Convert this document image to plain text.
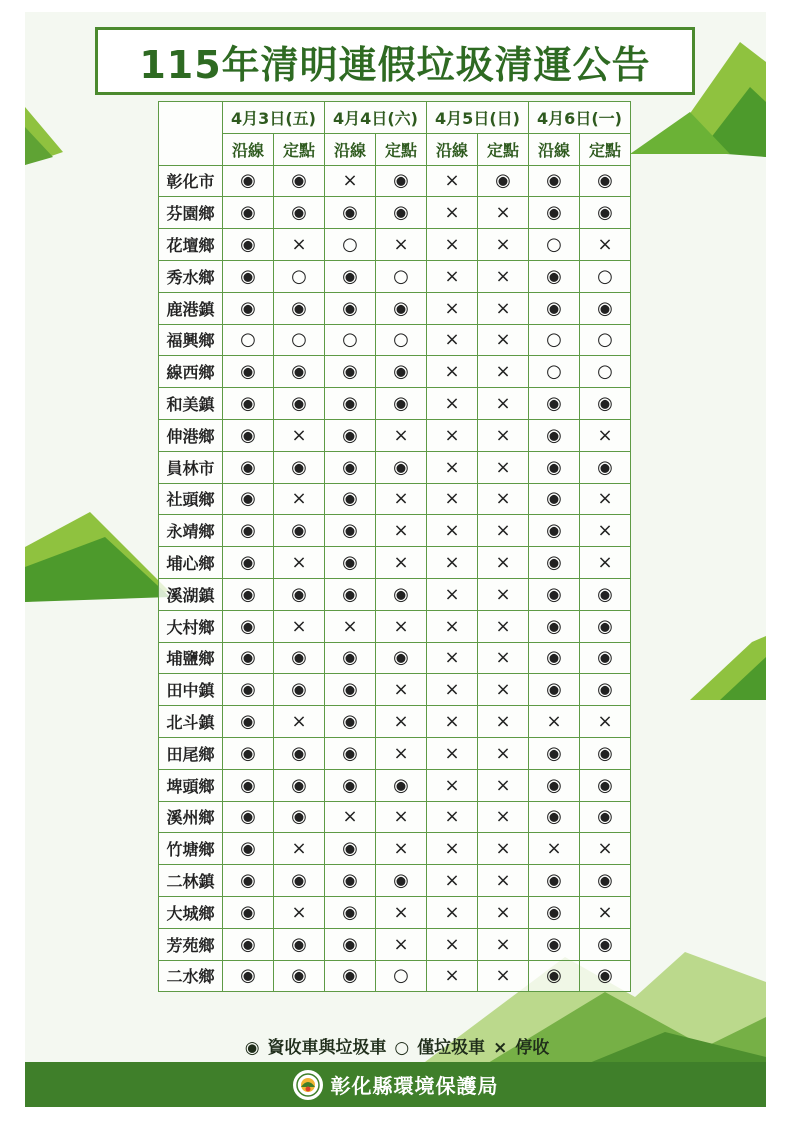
115年清明連假垃圾清運公告
	4月3日(五)		4月4日(六)		4月5日(日)		4月6日(一)	
	沿線	定點	沿線	定點	沿線	定點	沿線	定點
彰化市	◉	◉	×	◉	×	◉	◉	◉
芬園鄉	◉	◉	◉	◉	×	×	◉	◉
花壇鄉	◉	×	○	×	×	×	○	×
秀水鄉	◉	○	◉	○	×	×	◉	○
鹿港鎮	◉	◉	◉	◉	×	×	◉	◉
福興鄉	○	○	○	○	×	×	○	○
線西鄉	◉	◉	◉	◉	×	×	○	○
和美鎮	◉	◉	◉	◉	×	×	◉	◉
伸港鄉	◉	×	◉	×	×	×	◉	×
員林市	◉	◉	◉	◉	×	×	◉	◉
社頭鄉	◉	×	◉	×	×	×	◉	×
永靖鄉	◉	◉	◉	×	×	×	◉	×
埔心鄉	◉	×	◉	×	×	×	◉	×
溪湖鎮	◉	◉	◉	◉	×	×	◉	◉
大村鄉	◉	×	×	×	×	×	◉	◉
埔鹽鄉	◉	◉	◉	◉	×	×	◉	◉
田中鎮	◉	◉	◉	×	×	×	◉	◉
北斗鎮	◉	×	◉	×	×	×	×	×
田尾鄉	◉	◉	◉	×	×	×	◉	◉
埤頭鄉	◉	◉	◉	◉	×	×	◉	◉
溪州鄉	◉	◉	×	×	×	×	◉	◉
竹塘鄉	◉	×	◉	×	×	×	×	×
二林鎮	◉	◉	◉	◉	×	×	◉	◉
大城鄉	◉	×	◉	×	×	×	◉	×
芳苑鄉	◉	◉	◉	×	×	×	◉	◉
二水鄉	◉	◉	◉	○	×	×	◉	◉
◉ 資收車與垃圾車 ○ 僅垃圾車 × 停收
彰化縣環境保護局
